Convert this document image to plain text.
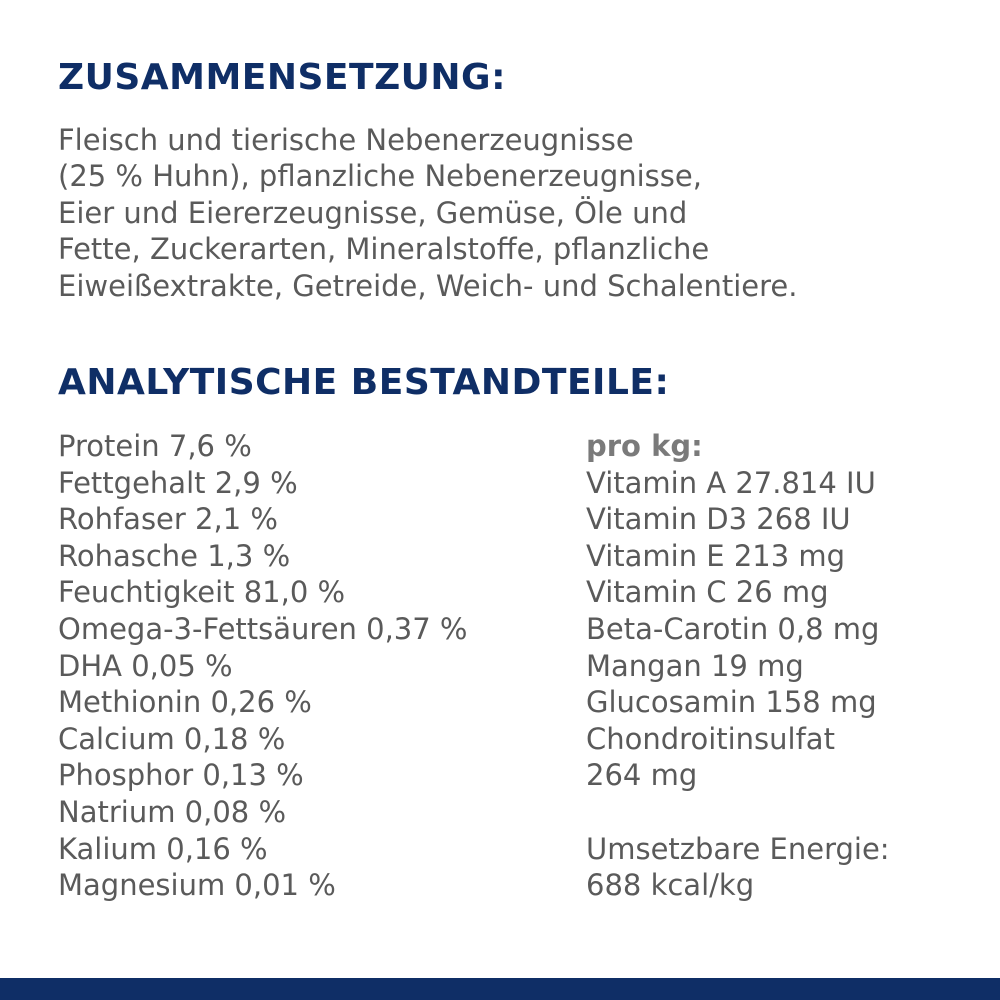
ZUSAMMENSETZUNG:

Fleisch und tierische Nebenerzeugnisse
(25 % Huhn), pflanzliche Nebenerzeugnisse,
Eier und Eiererzeugnisse, Gemüse, Öle und
Fette, Zuckerarten, Mineralstoffe, pflanzliche
Eiweißextrakte, Getreide, Weich- und Schalentiere.

ANALYTISCHE BESTANDTEILE:
Protein 7,6 %
Fettgehalt 2,9 %
Rohfaser 2,1 %
Rohasche 1,3 %
Feuchtigkeit 81,0 %
Omega-3-Fettsäuren 0,37 %
DHA 0,05 %
Methionin 0,26 %
Calcium 0,18 %
Phosphor 0,13 %
Natrium 0,08 %
Kalium 0,16 %
Magnesium 0,01 %
pro kg:
Vitamin A 27.814 IU
Vitamin D3 268 IU
Vitamin E 213 mg
Vitamin C 26 mg
Beta-Carotin 0,8 mg
Mangan 19 mg
Glucosamin 158 mg
Chondroitinsulfat
264 mg
Umsetzbare Energie:
688 kcal/kg
